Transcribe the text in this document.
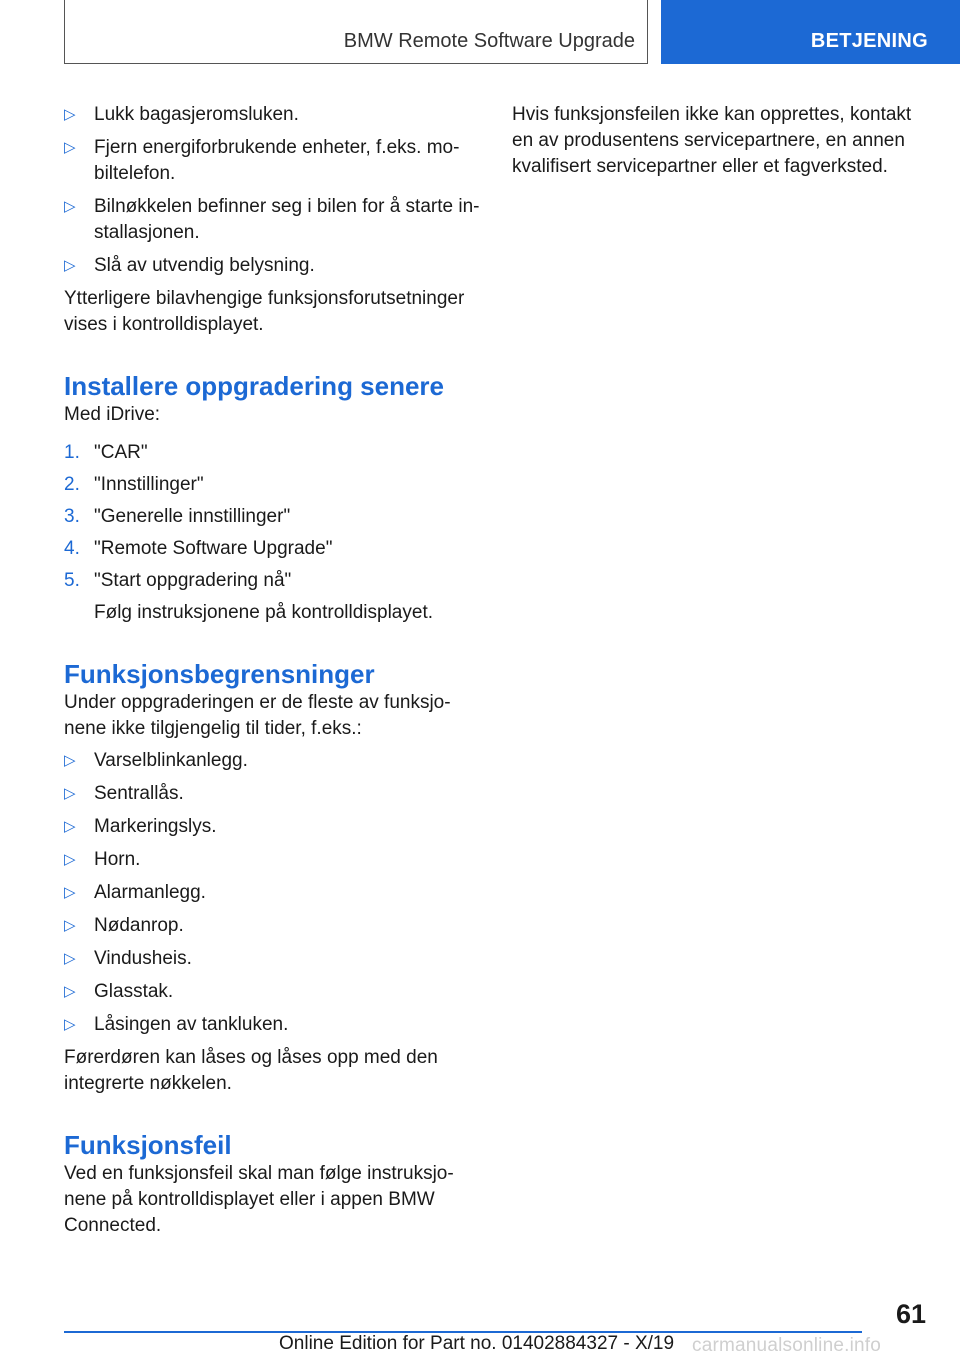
BMW Remote Software Upgrade	BETJENING
▷ Lukk bagasjeromsluken.
▷ Fjern energiforbrukende enheter, f.eks. mobiltelefon.
▷ Bilnøkkelen befinner seg i bilen for å starte installasjonen.
▷ Slå av utvendig belysning.

Ytterligere bilavhengige funksjonsforutsetninger vises i kontrolldisplayet.

Installere oppgradering senere

Med iDrive:

1. "CAR"
2. "Innstillinger"
3. "Generelle innstillinger"
4. "Remote Software Upgrade"
5. "Start oppgradering nå"

Følg instruksjonene på kontrolldisplayet.

Funksjonsbegrensninger

Under oppgraderingen er de fleste av funksjonene ikke tilgjengelig til tider, f.eks.:

▷ Varselblinkanlegg.
▷ Sentrallås.
▷ Markeringslys.
▷ Horn.
▷ Alarmanlegg.
▷ Nødanrop.
▷ Vindusheis.
▷ Glasstak.
▷ Låsingen av tankluken.

Førerdøren kan låses og låses opp med den integrerte nøkkelen.

Funksjonsfeil

Ved en funksjonsfeil skal man følge instruksjonene på kontrolldisplayet eller i appen BMW Connected.

Hvis funksjonsfeilen ikke kan opprettes, kontakt en av produsentens servicepartnere, en annen kvalifisert servicepartner eller et fagverksted.

61
Online Edition for Part no. 01402884327 - X/19 carmanualsonline.info
